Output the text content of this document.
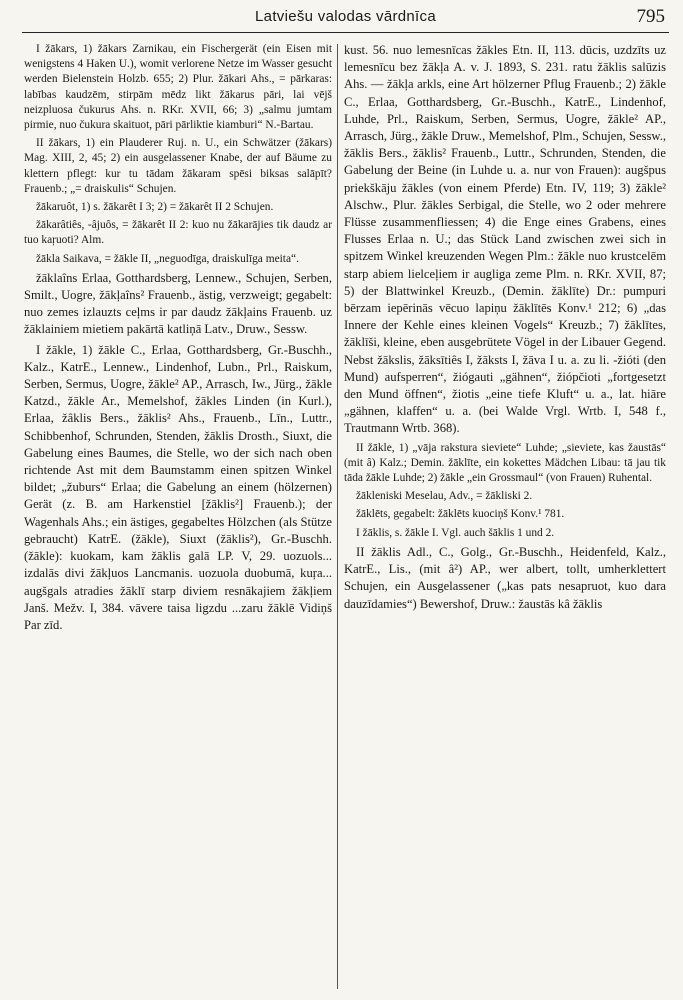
Latviešu valodas vārdnīca	795

I žākars, 1) žākars Zarnikau, ein Fischergerät (ein Eisen mit wenigstens 4 Haken U.), womit verlorene Netze im Wasser gesucht werden Bielenstein Holzb. 655; 2) Plur. žākari Ahs., = pārkaras: labības kaudzēm, stirpām mēdz likt žākarus pāri, lai vējš neizpluosa čukurus Ahs. n. RKr. XVII, 66; 3) „salmu jumtam pirmie, nuo čukura skaituot, pāri pārliktie kiamburi“ N.-Bartau.

II žākars, 1) ein Plauderer Ruj. n. U., ein Schwätzer (žākars) Mag. XIII, 2, 45; 2) ein ausgelassener Knabe, der auf Bäume zu klettern pflegt: kur tu tādam žākaram spēsi biksas salāpīt? Frauenb.; „= draiskulis“ Schujen.

žākaruôt, 1) s. žākarêt I 3; 2) = žākarêt II 2 Schujen.

žākarâtiês, -âjuôs, = žākarêt II 2: kuo nu žākarājies tik daudz ar tuo kaŗuoti? Alm.

žākla Saikava, = žākle II, „neguodīga, draiskulīga meita“.

žāklaîns Erlaa, Gotthardsberg, Lennew., Schujen, Serben, Smilt., Uogre, žākļaîns² Frauenb., ästig, verzweigt; gegabelt: nuo zemes izlauzts ceļms ir par daudz žākļains Frauenb. uz žāklainiem mietiem pakārtā katliņā Latv., Druw., Sessw.

I žākle, 1) žākle C., Erlaa, Gotthardsberg, Gr.-Buschh., Kalz., KatrE., Lennew., Lindenhof, Lubn., Prl., Raiskum, Serben, Sermus, Uogre, žākle² AP., Arrasch, Iw., Jürg., žākle Katzd., žākle Ar., Memelshof, žākles Linden (in Kurl.), Erlaa, žâklis Bers., žāklis² Ahs., Frauenb., Līn., Luttr., Schibbenhof, Schrunden, Stenden, žāklis Drosth., Siuxt, die Gabelung eines Baumes, die Stelle, wo der sich nach oben richtende Ast mit dem Baumstamm einen spitzen Winkel bildet; „žuburs“ Erlaa; die Gabelung an einem (hölzernen) Gerät (z. B. am Harkenstiel [žāklis²] Frauenb.); der Wagenhals Ahs.; ein ästiges, gegabeltes Hölzchen (als Stütze gebraucht) KatrE. (žākle), Siuxt (žāklis²), Gr.-Buschh. (žākle): kuokam, kam žāklis galā LP. V, 29. uozuols... izdalās divi žākļuos Lancmanis. uozuola duobumā, kuŗa... augšgals atradies žāklī starp diviem resnākajiem žākļiem Janš. Mežv. I, 384. vāvere taisa ligzdu ...zaru žāklē Vidiņš Par zīd.

kust. 56. nuo lemesnīcas žākles Etn. II, 113. dūcis, uzdzīts uz lemesnīcu bez žākļa A. v. J. 1893, S. 231. ratu žāklis salūzis Ahs. — žākļa arkls, eine Art hölzerner Pflug Frauenb.; 2) žākle C., Erlaa, Gotthardsberg, Gr.-Buschh., KatrE., Lindenhof, Luhde, Prl., Raiskum, Serben, Sermus, Uogre, žākle² AP., Arrasch, Jürg., žākle Druw., Memelshof, Plm., Schujen, Sessw., žāklis Bers., žāklis² Frauenb., Luttr., Schrunden, Stenden, die Gabelung der Beine (in Luhde u. a. nur von Frauen): augšpus priekškāju žākles (von einem Pferde) Etn. IV, 119; 3) žākle² Alschw., Plur. žākles Serbigal, die Stelle, wo 2 oder mehrere Flüsse zusammenfliessen; 4) die Enge eines Grabens, eines Flusses Erlaa n. U.; das Stück Land zwischen zwei sich in spitzem Winkel kreuzenden Wegen Plm.: žākle nuo krustcelēm starp abiem lielceļiem ir augliga zeme Plm. n. RKr. XVII, 87; 5) der Blattwinkel Kreuzb., (Demin. žāklīte) Dr.: pumpuri bērzam iepērinās vēcuo lapiņu žāklītēs Konv.¹ 212; 6) „das Innere der Kehle eines kleinen Vogels“ Kreuzb.; 7) žāklītes, žāklīši, kleine, eben ausgebrütete Vögel in der Libauer Gegend. Nebst žākslis, žāksītiês I, žāksts I, žāva I u. a. zu li. -žióti (den Mund) aufsperren“, žiógauti „gähnen“, žiópčioti „fortgesetzt den Mund öffnen“, žiotis „eine tiefe Kluft“ u. a., lat. hiāre „gähnen, klaffen“ u. a. (bei Walde Vrgl. Wrtb. I, 548 f., Trautmann Wrtb. 368).

II žākle, 1) „vāja rakstura sieviete“ Luhde; „sieviete, kas žaustās“ (mit â) Kalz.; Demin. žāklīte, ein kokettes Mädchen Libau: tā jau tik tāda žākle Luhde; 2) žākle „ein Grossmaul“ (von Frauen) Ruhental.

žākleniski Meselau, Adv., = žākliski 2.

žāklēts, gegabelt: žāklēts kuociņš Konv.¹ 781.

I žāklis, s. žākle I. Vgl. auch šāklis 1 und 2.

II žāklis Adl., C., Golg., Gr.-Buschh., Heidenfeld, Kalz., KatrE., Lis., (mit â²) AP., wer albert, tollt, umherklettert Schujen, ein Ausgelassener („kas pats nesapruot, kuo dara dauzīdamies“) Bewershof, Druw.: žaustās kâ žāklis
